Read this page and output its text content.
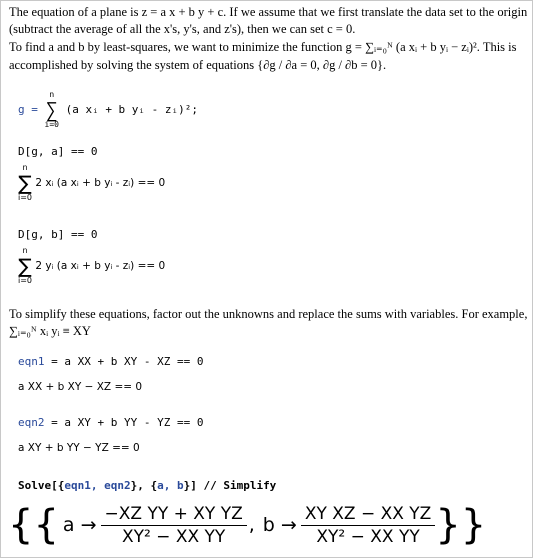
The equation of a plane is z = a x + b y + c. If we assume that we first translate the data set to the origin
(subtract the average of all the x's, y's, and z's), then we can set c = 0.
To find a and b by least-squares, we want to minimize the function g = ∑ᵢ₌₀ᴺ (a xᵢ + b yᵢ − zᵢ)². This is
accomplished by solving the system of equations {∂g / ∂a = 0, ∂g / ∂b = 0}.
g =
n
∑
i=0
(a xᵢ + b yᵢ - zᵢ)²;
D[g, a] == 0
n
∑
i=0
2 xᵢ (a xᵢ + b yᵢ - zᵢ) == 0
D[g, b] == 0
n
∑
i=0
2 yᵢ (a xᵢ + b yᵢ - zᵢ) == 0
To simplify these equations, factor out the unknowns and replace the sums with variables. For example,
∑ᵢ₌₀ᴺ xᵢ yᵢ ≡ XY
eqn1 = a XX + b XY - XZ == 0
a XX + b XY − XZ == 0
eqn2 = a XY + b YY - YZ == 0
a XY + b YY − YZ == 0
Solve[{eqn1, eqn2}, {a, b}] // Simplify
{{ $a \to \frac{\text{−XZ YY + XY YZ}}{\text{XY² − XX YY}}$ , $b \to \frac{\text{XY XZ − XX YZ}}{\text{XY² − XX YY}}$ }}
